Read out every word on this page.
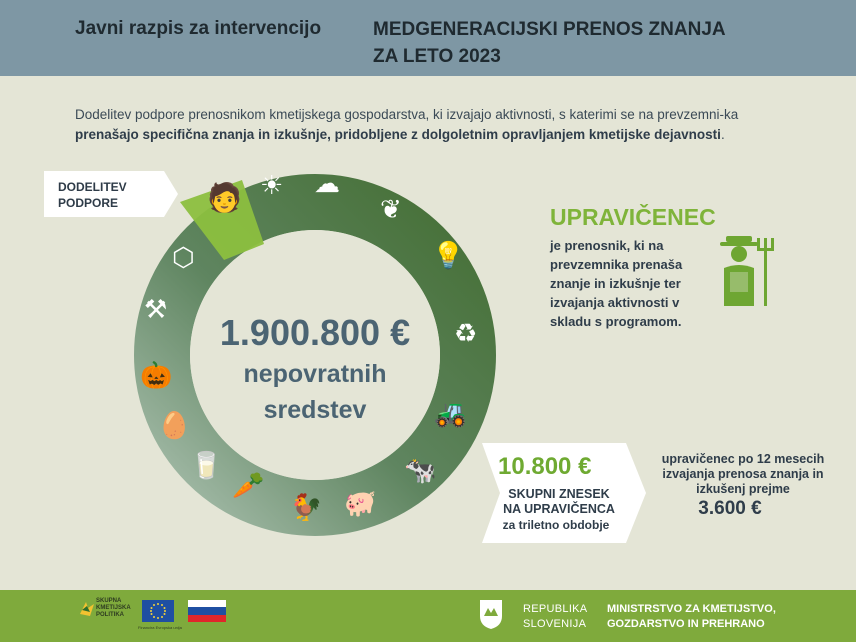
Javni razpis za intervencijo	MEDGENERACIJSKI PRENOS ZNANJA
ZA LETO 2023
Dodelitev podpore prenosnikom kmetijskega gospodarstva, ki izvajajo aktivnosti, s katerimi se na prevzemni-ka prenašajo specifična znanja in izkušnje, pridobljene z dolgoletnim opravljanjem kmetijske dejavnosti.
🧑 ☀ ☁
❦
💡
♻
🚜
🐄
🐖
🐓
🥕
🥛
🥚
🎃
⚒
⬡
1.900.800 €
nepovratnih
sredstev
DODELITEV
PODPORE
UPRAVIČENEC
je prenosnik, ki na prevzemnika prenaša znanje in izkušnje ter izvajanja aktivnosti v skladu s programom.
10.800 €
SKUPNI ZNESEK
NA UPRAVIČENCA
za triletno obdobje
upravičenec po 12 mesecih izvajanja prenosa znanja in izkušenj prejme
3.600 €
SKUPNA KMETIJSKA POLITIKA
Financira Evropska unija
REPUBLIKA
SLOVENIJA
MINISTRSTVO ZA KMETIJSTVO,
GOZDARSTVO IN PREHRANO
